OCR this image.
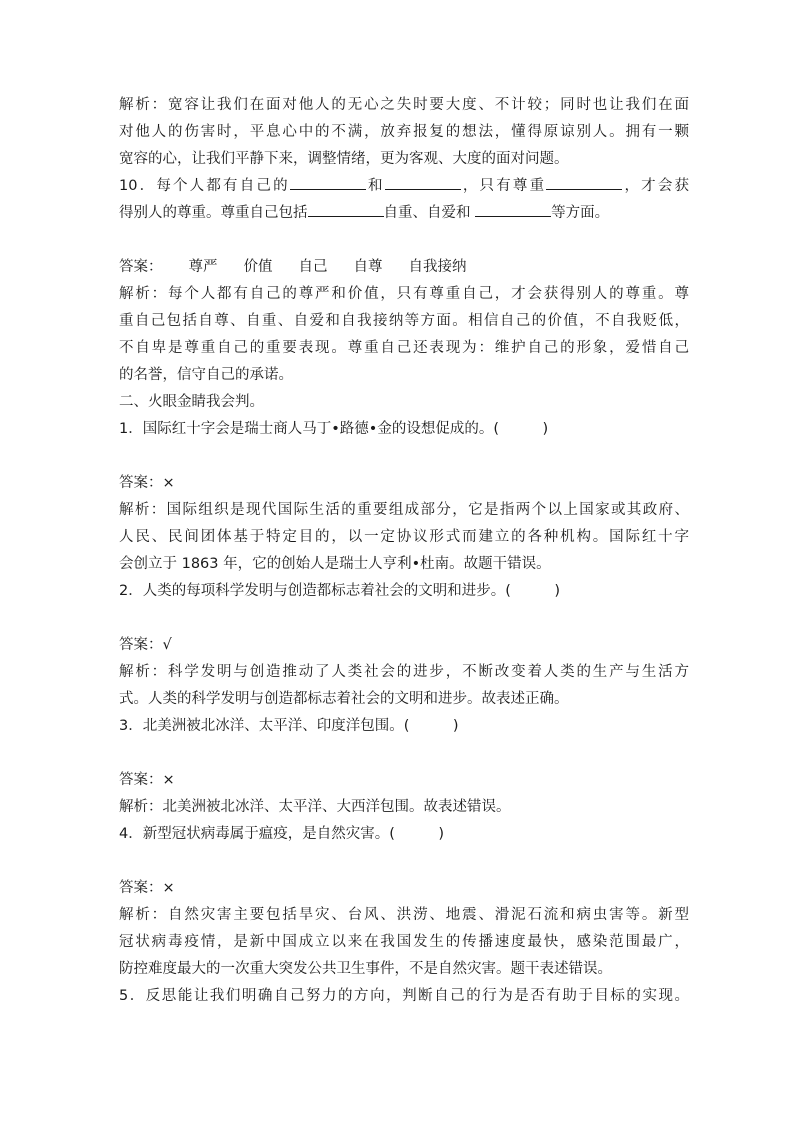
解析：宽容让我们在面对他人的无心之失时要大度、不计较；同时也让我们在面
对他人的伤害时，平息心中的不满，放弃报复的想法，懂得原谅别人。拥有一颗
宽容的心，让我们平静下来，调整情绪，更为客观、大度的面对问题。
10．每个人都有自己的	和	，只有尊重	，才会获
得别人的尊重。尊重自己包括	自重、自爱和	等方面。
答案： 尊严 价值 自己 自尊 自我接纳
解析：每个人都有自己的尊严和价值，只有尊重自己，才会获得别人的尊重。尊
重自己包括自尊、自重、自爱和自我接纳等方面。相信自己的价值，不自我贬低，
不自卑是尊重自己的重要表现。尊重自己还表现为：维护自己的形象，爱惜自己
的名誉，信守自己的承诺。
二、火眼金睛我会判。
1．国际红十字会是瑞士商人马丁•路德•金的设想促成的。(　　　)
答案：×
解析：国际组织是现代国际生活的重要组成部分，它是指两个以上国家或其政府、
人民、民间团体基于特定目的，以一定协议形式而建立的各种机构。国际红十字
会创立于 1863 年，它的创始人是瑞士人亨利•杜南。故题干错误。
2．人类的每项科学发明与创造都标志着社会的文明和进步。(　　　)
答案：√
解析：科学发明与创造推动了人类社会的进步，不断改变着人类的生产与生活方
式。人类的科学发明与创造都标志着社会的文明和进步。故表述正确。
3．北美洲被北冰洋、太平洋、印度洋包围。(　　　)
答案：×
解析：北美洲被北冰洋、太平洋、大西洋包围。故表述错误。
4．新型冠状病毒属于瘟疫，是自然灾害。(　　　)
答案：×
解析：自然灾害主要包括旱灾、台风、洪涝、地震、滑泥石流和病虫害等。新型
冠状病毒疫情，是新中国成立以来在我国发生的传播速度最快，感染范围最广，
防控难度最大的一次重大突发公共卫生事件，不是自然灾害。题干表述错误。
5．反思能让我们明确自己努力的方向，判断自己的行为是否有助于目标的实现。
